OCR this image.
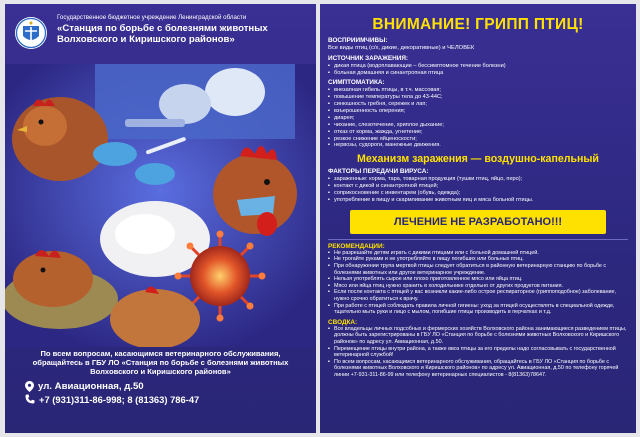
Государственное бюджетное учреждение Ленинградской области
«Станция по борьбе с болезнями животных Волховского и Киришского районов»
По всем вопросам, касающимся ветеринарного обслуживания, обращайтесь в ГБУ ЛО «Станция по борьбе с болезнями животных Волховского и Киришского районов»
ул. Авиационная, д.50
+7 (931)311-86-998; 8 (81363) 786-47
ВНИМАНИЕ! ГРИПП ПТИЦ!
ВОСПРИИМЧИВЫ:
Все виды птиц (с/х, дикие, декоративные) и ЧЕЛОВЕК
ИСТОЧНИК ЗАРАЖЕНИЯ:
▪ дикая птица (водоплавающие – бессимптомное течение болезни)
▪ больная домашняя и синантропная птица
СИМПТОМАТИКА:
▪ внезапная гибель птицы, в т.ч. массовая;
▪ повышение температуры тела до 43-44С;
▪ синюшность гребня, сережек и лап;
▪ взъерошенность оперения;
▪ диарея;
▪ чихание, слезотечение, хриплое дыхание;
▪ отказ от корма, жажда, угнетение;
▪ резкое снижение яйценоскости;
▪ нервозы, судороги, манежные движения.
Механизм заражения — воздушно-капельный
ФАКТОРЫ ПЕРЕДАЧИ ВИРУСА:
▪ зараженные: корма, тара, товарная продукция (тушки птиц, яйцо, перо);
▪ контакт с дикой и синантропной птицей;
▪ соприкосновение с инвентарем (обувь, одежда);
▪ употребление в пищу и скармливание животным яиц и мяса больной птицы.
ЛЕЧЕНИЕ НЕ РАЗРАБОТАНО!!!
РЕКОМЕНДАЦИИ:
▪ Не разрешайте детям играть с дикими птицами или с больной домашней птицей.
▪ Не трогайте руками и не употребляйте в пищу погибших или больных птиц.
▪ При обнаружении трупа мертвой птицы следует обратиться в районную ветеринарную станцию по борьбе с болезнями животных или другое ветеринарное учреждение.
▪ Нельзя употреблять сырое или плохо приготовленное мясо или яйца птиц.
▪ Мясо или яйца птиц нужно хранить в холодильнике отдельно от других продуктов питания.
▪ Если после контакта с птицей у вас возникли какие-либо острое респираторное (гриппоподобное) заболевание, нужно срочно обратиться к врачу.
▪ При работе с птицей соблюдать правила личной гигиены: уход за птицей осуществлять в специальной одежде, тщательно мыть руки и лицо с мылом, погибшие птицы производить в перчатках и т.д.
СВОДКА:
▪ Все владельцы личных подсобных и фермерских хозяйств Волховского района занимающиеся разведением птицы, должны быть зарегистрированы в ГБУ ЛО «Станция по борьбе с болезнями животных Волховского и Киришского районов» по адресу ул. Авиационная, д.50.
▪ Перемещение птицы внутри района, а также ввоз птицы за его пределы надо согласовывать с государственной ветеринарной службой!
▪ По всем вопросам, касающимся ветеринарного обслуживания, обращайтесь в ГБУ ЛО «Станция по борьбе с болезнями животных Волховского и Киришского районов» по адресу ул. Авиационная, д.50 по телефону горячей линии +7-931-311-86-99 или телефону ветеринарных специалистов - 8(81363)78647.
